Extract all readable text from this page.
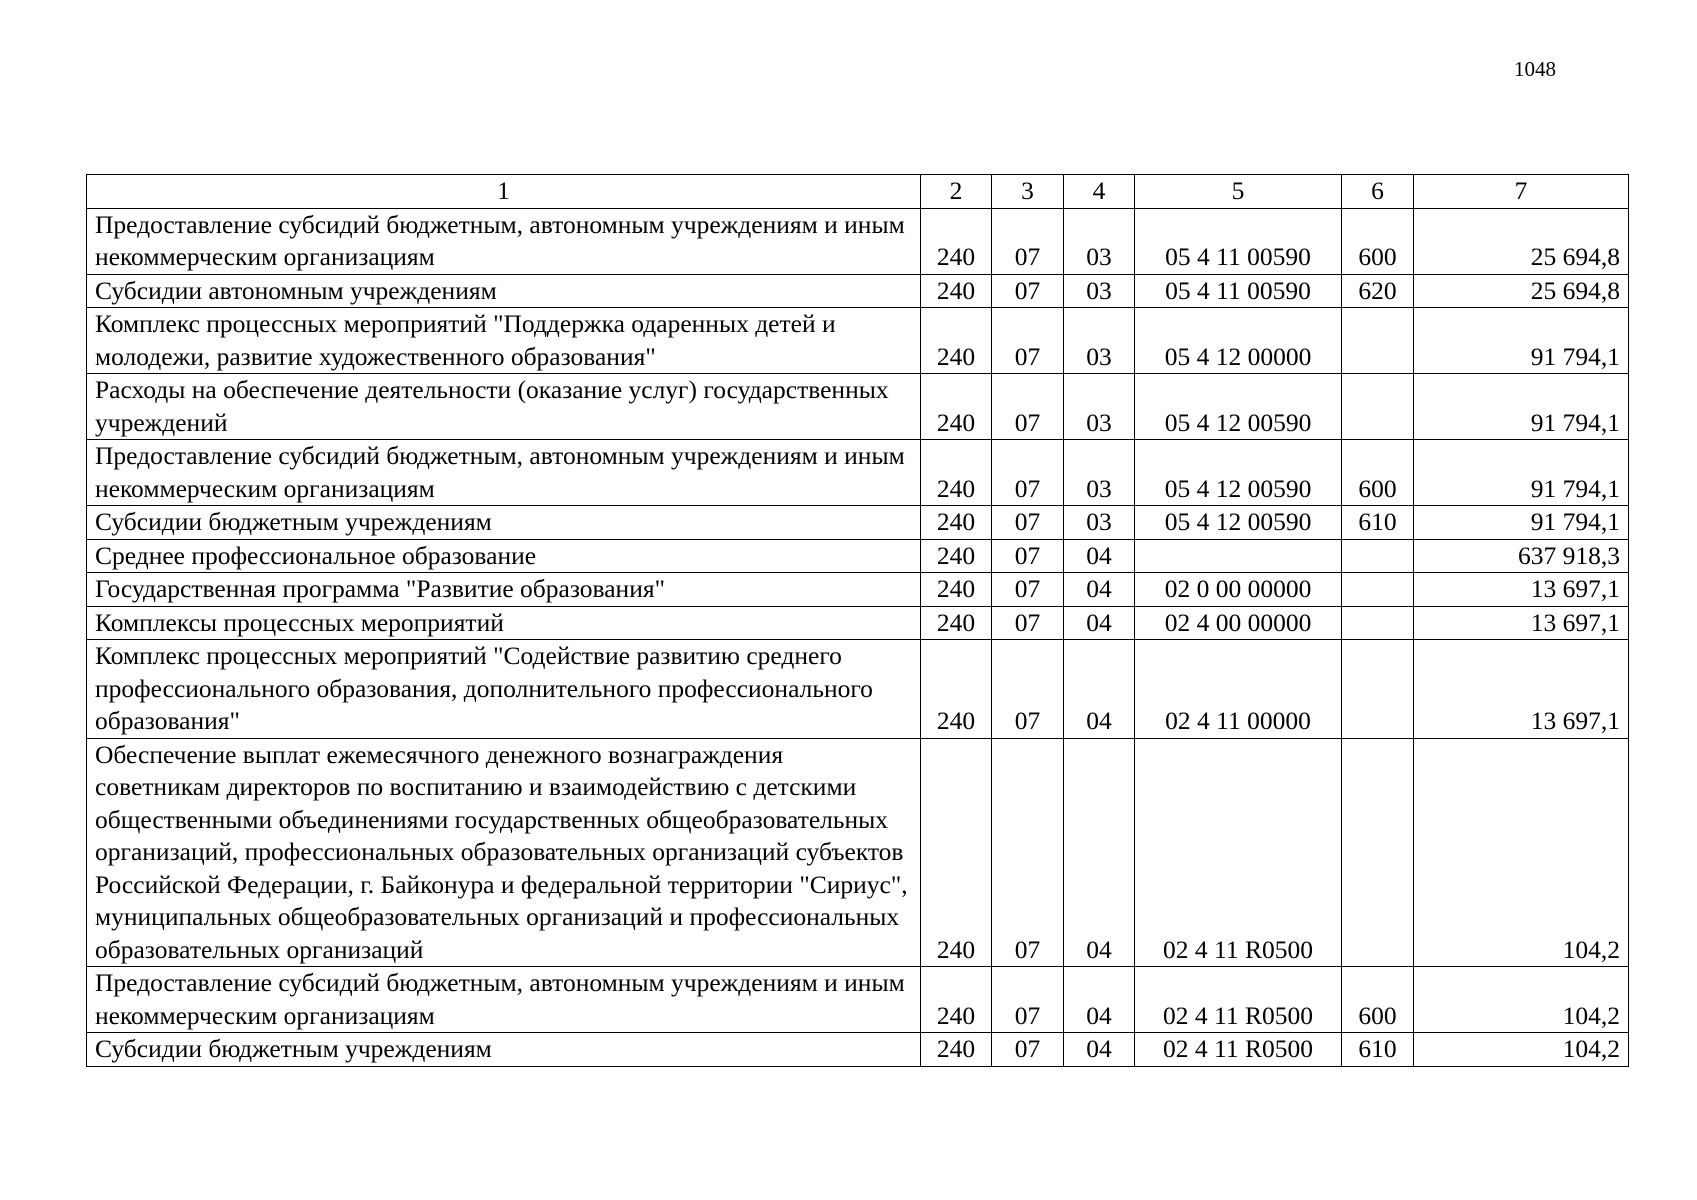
1048
1	2	3	4	5	6	7
Предоставление субсидий бюджетным, автономным учреждениям и иным некоммерческим организациям	240	07	03	05 4 11 00590	600	25 694,8
Субсидии автономным учреждениям	240	07	03	05 4 11 00590	620	25 694,8
Комплекс процессных мероприятий "Поддержка одаренных детей и молодежи, развитие художественного образования"	240	07	03	05 4 12 00000		91 794,1
Расходы на обеспечение деятельности (оказание услуг) государственных учреждений	240	07	03	05 4 12 00590		91 794,1
Предоставление субсидий бюджетным, автономным учреждениям и иным некоммерческим организациям	240	07	03	05 4 12 00590	600	91 794,1
Субсидии бюджетным учреждениям	240	07	03	05 4 12 00590	610	91 794,1
Среднее профессиональное образование	240	07	04			637 918,3
Государственная программа "Развитие образования"	240	07	04	02 0 00 00000		13 697,1
Комплексы процессных мероприятий	240	07	04	02 4 00 00000		13 697,1
Комплекс процессных мероприятий "Содействие развитию среднего профессионального образования, дополнительного профессионального образования"	240	07	04	02 4 11 00000		13 697,1
Обеспечение выплат ежемесячного денежного вознаграждения советникам директоров по воспитанию и взаимодействию с детскими общественными объединениями государственных общеобразовательных организаций, профессиональных образовательных организаций субъектов Российской Федерации, г. Байконура и федеральной территории "Сириус", муниципальных общеобразовательных организаций и профессиональных образовательных организаций	240	07	04	02 4 11 R0500		104,2
Предоставление субсидий бюджетным, автономным учреждениям и иным некоммерческим организациям	240	07	04	02 4 11 R0500	600	104,2
Субсидии бюджетным учреждениям	240	07	04	02 4 11 R0500	610	104,2
